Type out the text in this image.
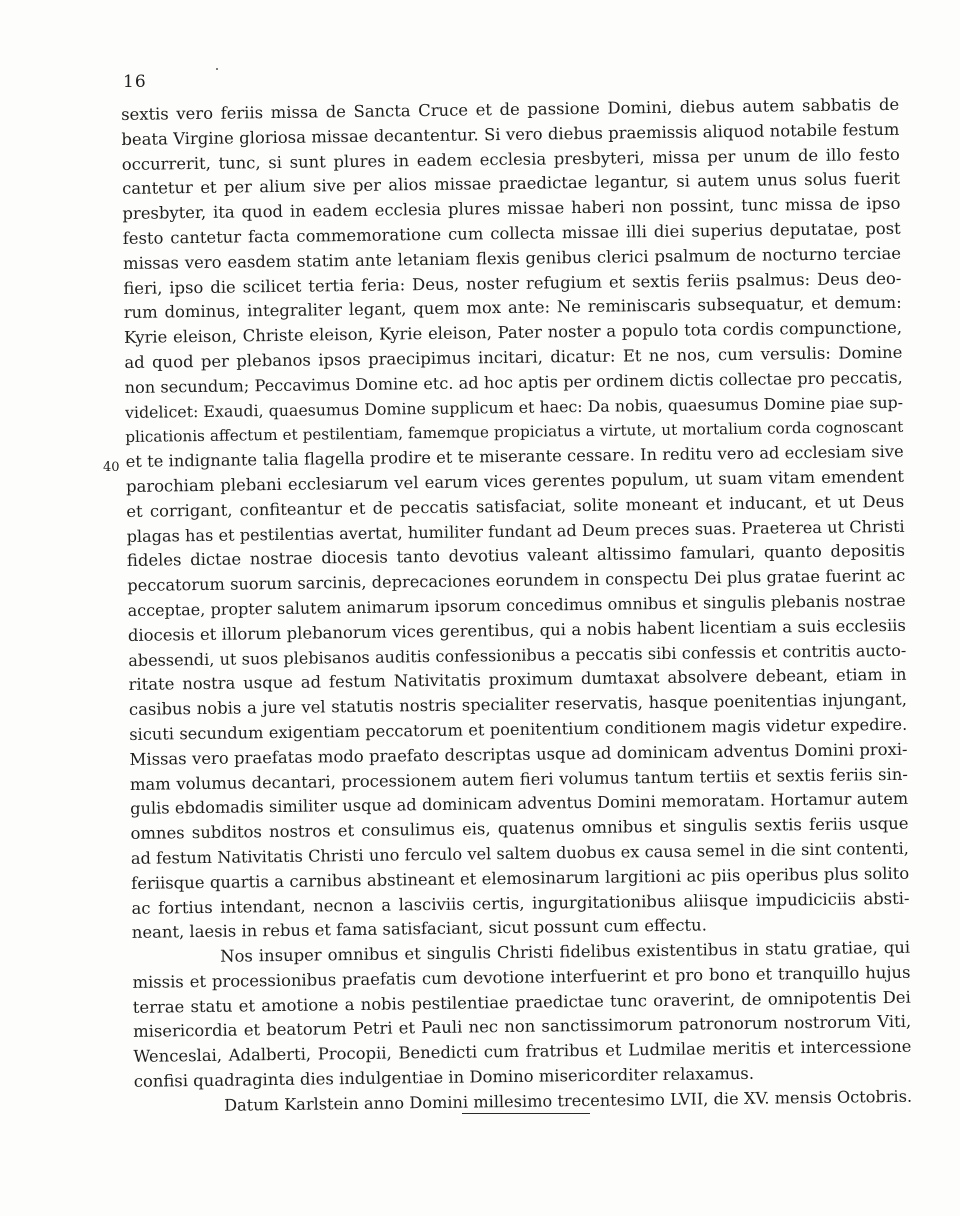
16
40
sextis vero feriis missa de Sancta Cruce et de passione Domini, diebus autem sabbatis de
beata Virgine gloriosa missae decantentur. Si vero diebus praemissis aliquod notabile festum
occurrerit, tunc, si sunt plures in eadem ecclesia presbyteri, missa per unum de illo festo
cantetur et per alium sive per alios missae praedictae legantur, si autem unus solus fuerit
presbyter, ita quod in eadem ecclesia plures missae haberi non possint, tunc missa de ipso
festo cantetur facta commemoratione cum collecta missae illi diei superius deputatae, post
missas vero easdem statim ante letaniam flexis genibus clerici psalmum de nocturno terciae
fieri, ipso die scilicet tertia feria: Deus, noster refugium et sextis feriis psalmus: Deus deo-
rum dominus, integraliter legant, quem mox ante: Ne reminiscaris subsequatur, et demum:
Kyrie eleison, Christe eleison, Kyrie eleison, Pater noster a populo tota cordis compunctione,
ad quod per plebanos ipsos praecipimus incitari, dicatur: Et ne nos, cum versulis: Domine
non secundum; Peccavimus Domine etc. ad hoc aptis per ordinem dictis collectae pro peccatis,
videlicet: Exaudi, quaesumus Domine supplicum et haec: Da nobis, quaesumus Domine piae sup-
plicationis affectum et pestilentiam, famemque propiciatus a virtute, ut mortalium corda cognoscant
et te indignante talia flagella prodire et te miserante cessare. In reditu vero ad ecclesiam sive
parochiam plebani ecclesiarum vel earum vices gerentes populum, ut suam vitam emendent
et corrigant, confiteantur et de peccatis satisfaciat, solite moneant et inducant, et ut Deus
plagas has et pestilentias avertat, humiliter fundant ad Deum preces suas. Praeterea ut Christi
fideles dictae nostrae diocesis tanto devotius valeant altissimo famulari, quanto depositis
peccatorum suorum sarcinis, deprecaciones eorundem in conspectu Dei plus gratae fuerint ac
acceptae, propter salutem animarum ipsorum concedimus omnibus et singulis plebanis nostrae
diocesis et illorum plebanorum vices gerentibus, qui a nobis habent licentiam a suis ecclesiis
abessendi, ut suos plebisanos auditis confessionibus a peccatis sibi confessis et contritis aucto-
ritate nostra usque ad festum Nativitatis proximum dumtaxat absolvere debeant, etiam in
casibus nobis a jure vel statutis nostris specialiter reservatis, hasque poenitentias injungant,
sicuti secundum exigentiam peccatorum et poenitentium conditionem magis videtur expedire.
Missas vero praefatas modo praefato descriptas usque ad dominicam adventus Domini proxi-
mam volumus decantari, processionem autem fieri volumus tantum tertiis et sextis feriis sin-
gulis ebdomadis similiter usque ad dominicam adventus Domini memoratam. Hortamur autem
omnes subditos nostros et consulimus eis, quatenus omnibus et singulis sextis feriis usque
ad festum Nativitatis Christi uno ferculo vel saltem duobus ex causa semel in die sint contenti,
feriisque quartis a carnibus abstineant et elemosinarum largitioni ac piis operibus plus solito
ac fortius intendant, necnon a lasciviis certis, ingurgitationibus aliisque impudiciciis absti-
neant, laesis in rebus et fama satisfaciant, sicut possunt cum effectu.
Nos insuper omnibus et singulis Christi fidelibus existentibus in statu gratiae, qui
missis et processionibus praefatis cum devotione interfuerint et pro bono et tranquillo hujus
terrae statu et amotione a nobis pestilentiae praedictae tunc oraverint, de omnipotentis Dei
misericordia et beatorum Petri et Pauli nec non sanctissimorum patronorum nostrorum Viti,
Wenceslai, Adalberti, Procopii, Benedicti cum fratribus et Ludmilae meritis et intercessione
confisi quadraginta dies indulgentiae in Domino misericorditer relaxamus.
Datum Karlstein anno Domini millesimo trecentesimo LVII, die XV. mensis Octobris.
